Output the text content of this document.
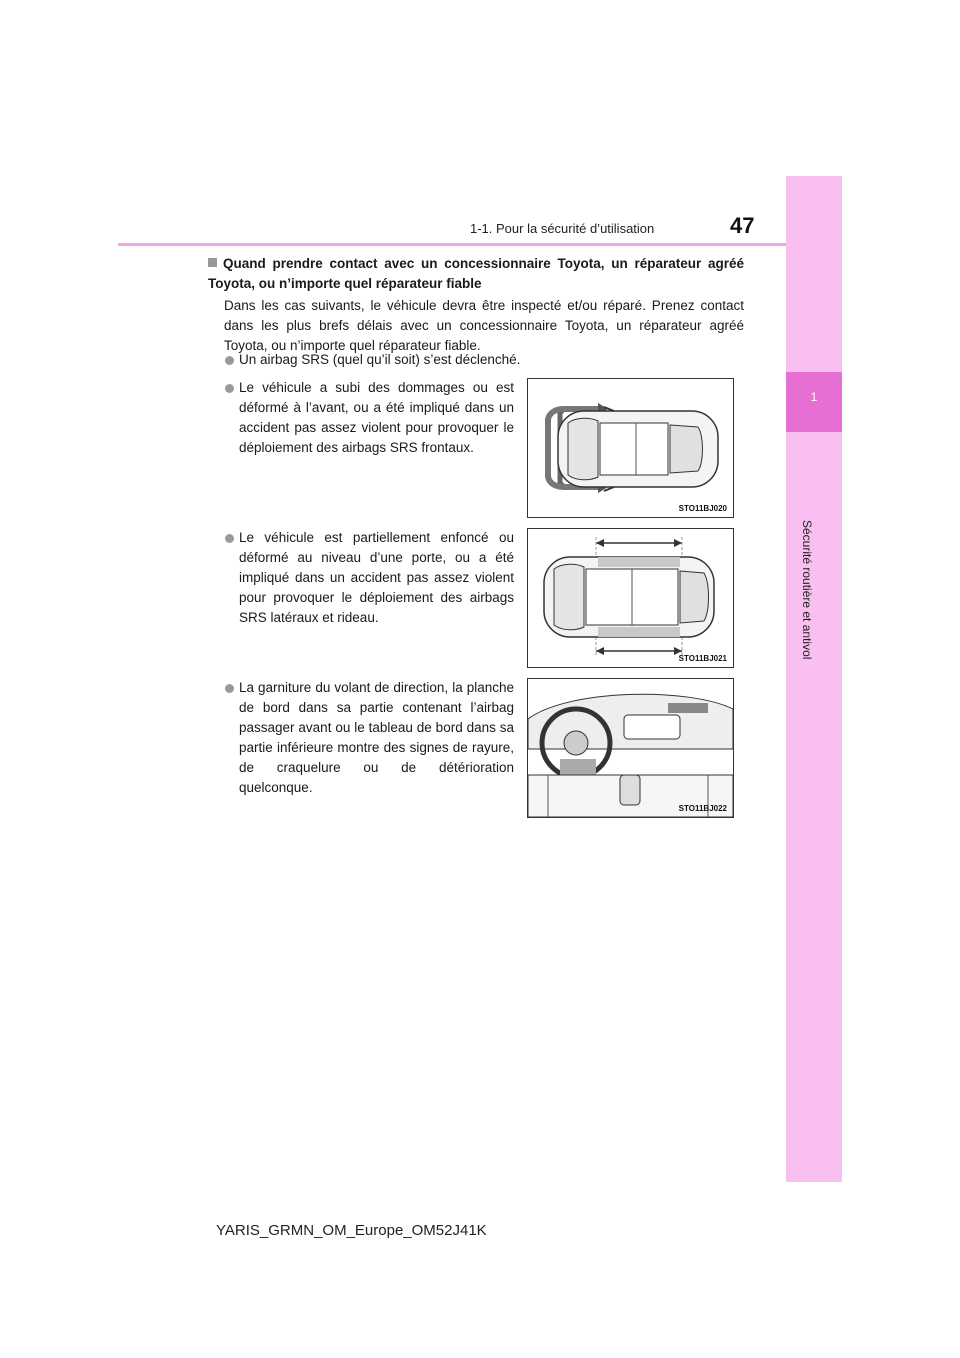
1
Sécurité routière et antivol
1-1. Pour la sécurité d’utilisation	47
Quand prendre contact avec un concessionnaire Toyota, un réparateur agréé Toyota, ou n’importe quel réparateur fiable
Dans les cas suivants, le véhicule devra être inspecté et/ou réparé. Prenez contact dans les plus brefs délais avec un concessionnaire Toyota, un réparateur agréé Toyota, ou n’importe quel réparateur fiable.
Un airbag SRS (quel qu’il soit) s’est déclenché.
Le véhicule a subi des dommages ou est déformé à l’avant, ou a été impliqué dans un accident pas assez violent pour provoquer le déploiement des airbags SRS frontaux.
Le véhicule est partiellement enfoncé ou déformé au niveau d’une porte, ou a été impliqué dans un accident pas assez violent pour provoquer le déploiement des airbags SRS latéraux et rideau.
La garniture du volant de direction, la planche de bord dans sa partie contenant l’airbag passager avant ou le tableau de bord dans sa partie inférieure montre des signes de rayure, de craquelure ou de détérioration quelconque.
STO11BJ020
STO11BJ021
STO11BJ022
YARIS_GRMN_OM_Europe_OM52J41K
